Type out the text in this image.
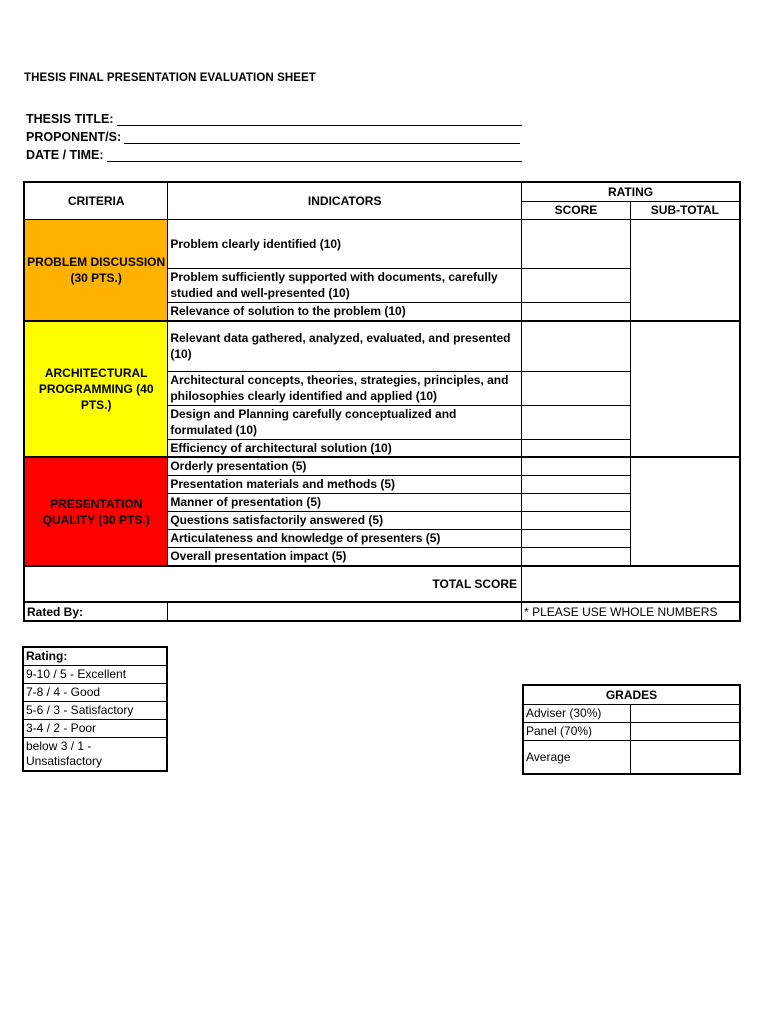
THESIS FINAL PRESENTATION EVALUATION SHEET
THESIS TITLE:
PROPONENT/S:
DATE / TIME:
CRITERIA	INDICATORS	RATING	
		SCORE	SUB-TOTAL
PROBLEM DISCUSSION (30 PTS.)	Problem clearly identified (10)		
	Problem sufficiently supported with documents, carefully studied and well-presented (10)		
	Relevance of solution to the problem (10)		
ARCHITECTURAL PROGRAMMING (40 PTS.)	Relevant data gathered, analyzed, evaluated, and presented (10)		
	Architectural concepts, theories, strategies, principles, and philosophies clearly identified and applied (10)		
	Design and Planning carefully conceptualized and formulated (10)		
	Efficiency of architectural solution (10)		
PRESENTATION QUALITY (30 PTS.)	Orderly presentation (5)		
	Presentation materials and methods (5)		
	Manner of presentation (5)		
	Questions satisfactorily answered (5)		
	Articulateness and knowledge of presenters (5)		
	Overall presentation impact (5)		
TOTAL SCORE			
Rated By:		* PLEASE USE WHOLE NUMBERS	
Rating:
9-10 / 5 - Excellent
7-8 / 4 - Good
5-6 / 3 - Satisfactory
3-4 / 2 - Poor
below 3 / 1 - Unsatisfactory
GRADES	
Adviser (30%)	
Panel (70%)	
Average	
